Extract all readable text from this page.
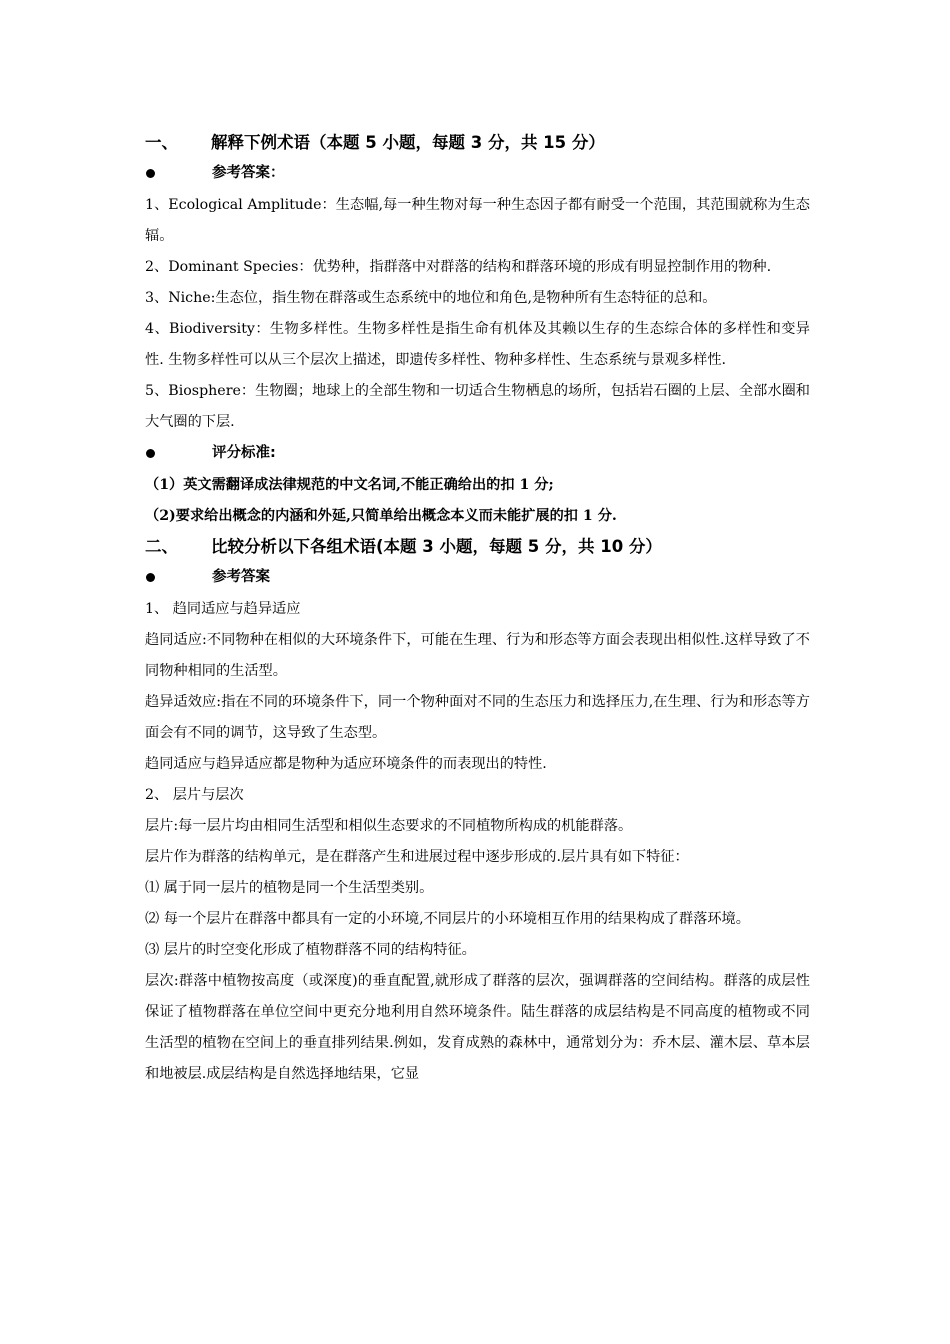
一、	解释下例术语（本题 5 小题，每题 3 分，共 15 分）
参考答案：

1、Ecological Amplitude：生态幅,每一种生物对每一种生态因子都有耐受一个范围，其范围就称为生态辐。

2、Dominant Species：优势种，指群落中对群落的结构和群落环境的形成有明显控制作用的物种.

3、Niche:生态位，指生物在群落或生态系统中的地位和角色,是物种所有生态特征的总和。

4、Biodiversity：生物多样性。生物多样性是指生命有机体及其赖以生存的生态综合体的多样性和变异性. 生物多样性可以从三个层次上描述，即遗传多样性、物种多样性、生态系统与景观多样性.

5、Biosphere：生物圈；地球上的全部生物和一切适合生物栖息的场所，包括岩石圈的上层、全部水圈和大气圈的下层.

评分标准:

（1）英文需翻译成法律规范的中文名词,不能正确给出的扣 1 分;

（2)要求给出概念的内涵和外延,只简单给出概念本义而未能扩展的扣 1 分.

二、	比较分析以下各组术语(本题 3 小题，每题 5 分，共 10 分）
参考答案

1、 趋同适应与趋异适应

趋同适应:不同物种在相似的大环境条件下，可能在生理、行为和形态等方面会表现出相似性.这样导致了不同物种相同的生活型。

趋异适效应:指在不同的环境条件下，同一个物种面对不同的生态压力和选择压力,在生理、行为和形态等方面会有不同的调节，这导致了生态型。

趋同适应与趋异适应都是物种为适应环境条件的而表现出的特性.

2、 层片与层次

层片:每一层片均由相同生活型和相似生态要求的不同植物所构成的机能群落。

层片作为群落的结构单元，是在群落产生和进展过程中逐步形成的.层片具有如下特征：

⑴ 属于同一层片的植物是同一个生活型类别。

⑵ 每一个层片在群落中都具有一定的小环境,不同层片的小环境相互作用的结果构成了群落环境。

⑶ 层片的时空变化形成了植物群落不同的结构特征。

层次:群落中植物按高度（或深度)的垂直配置,就形成了群落的层次，强调群落的空间结构。群落的成层性保证了植物群落在单位空间中更充分地利用自然环境条件。陆生群落的成层结构是不同高度的植物或不同生活型的植物在空间上的垂直排列结果.例如，发育成熟的森林中，通常划分为：乔木层、灌木层、草本层和地被层.成层结构是自然选择地结果，它显
